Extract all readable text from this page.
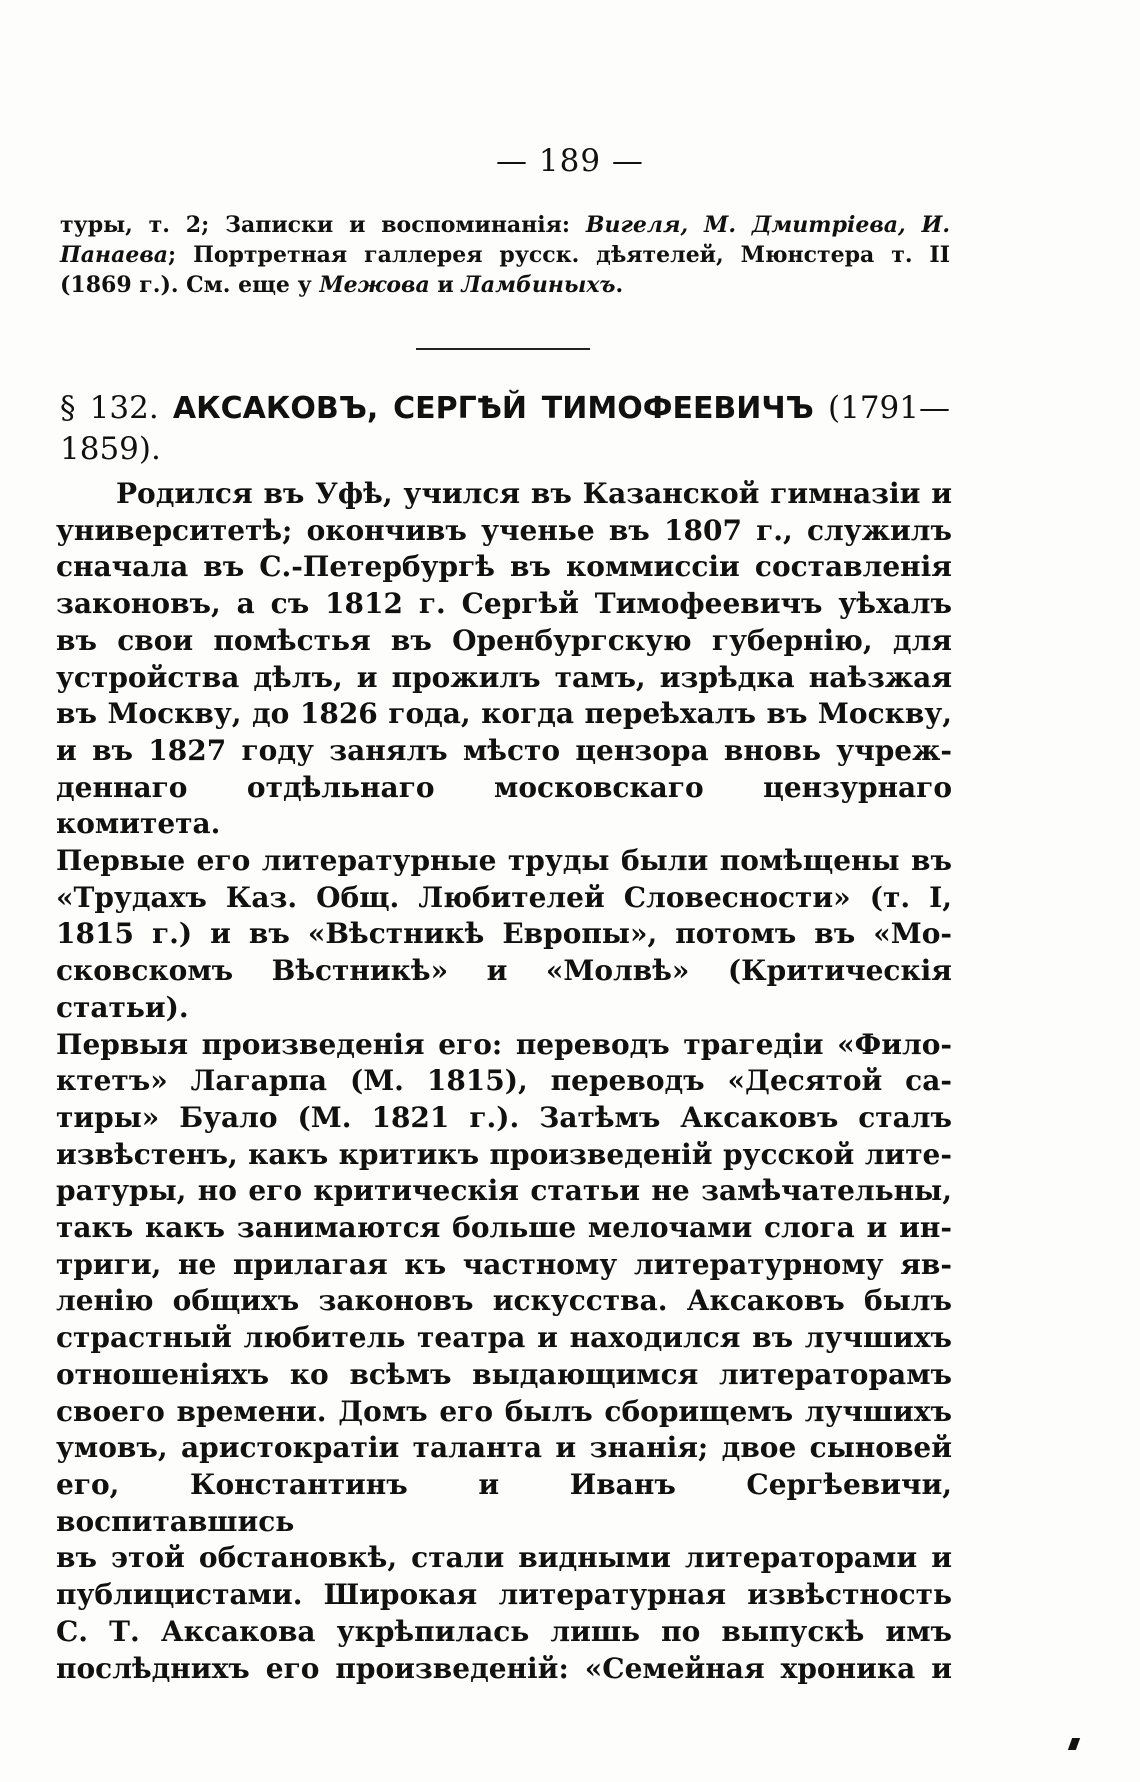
— 189 —
туры, т. 2; Записки и воспоминанія: Вигеля, М. Дмитріева, И. Панаева; Портретная галлерея русск. дѣятелей, Мюнстера т. II (1869 г.). См. еще у Межова и Ламбиныхъ.
§ 132. АКСАКОВЪ, СЕРГѢЙ ТИМОФЕЕВИЧЪ (1791—1859).
Родился въ Уфѣ, учился въ Казанской гимназіи и
университетѣ; окончивъ ученье въ 1807 г., служилъ
сначала въ С.-Петербургѣ въ коммиссіи составленія
законовъ, а съ 1812 г. Сергѣй Тимофеевичъ уѣхалъ
въ свои помѣстья въ Оренбургскую губернію, для
устройства дѣлъ, и прожилъ тамъ, изрѣдка наѣзжая
въ Москву, до 1826 года, когда переѣхалъ въ Москву,
и въ 1827 году занялъ мѣсто цензора вновь учреж-
деннаго отдѣльнаго московскаго цензурнаго комитета.
Первые его литературные труды были помѣщены въ
«Трудахъ Каз. Общ. Любителей Словесности» (т. I,
1815 г.) и въ «Вѣстникѣ Европы», потомъ въ «Мо-
сковскомъ Вѣстникѣ» и «Молвѣ» (Критическія статьи).
Первыя произведенія его: переводъ трагедіи «Фило-
ктетъ» Лагарпа (М. 1815), переводъ «Десятой са-
тиры» Буало (М. 1821 г.). Затѣмъ Аксаковъ сталъ
извѣстенъ, какъ критикъ произведеній русской лите-
ратуры, но его критическія статьи не замѣчательны,
такъ какъ занимаются больше мелочами слога и ин-
триги, не прилагая къ частному литературному яв-
ленію общихъ законовъ искусства. Аксаковъ былъ
страстный любитель театра и находился въ лучшихъ
отношеніяхъ ко всѣмъ выдающимся литераторамъ
своего времени. Домъ его былъ сборищемъ лучшихъ
умовъ, аристократіи таланта и знанія; двое сыновей
его, Константинъ и Иванъ Сергѣевичи, воспитавшись
въ этой обстановкѣ, стали видными литераторами и
публицистами. Широкая литературная извѣстность
С. Т. Аксакова укрѣпилась лишь по выпускѣ имъ
послѣднихъ его произведеній: «Семейная хроника и
